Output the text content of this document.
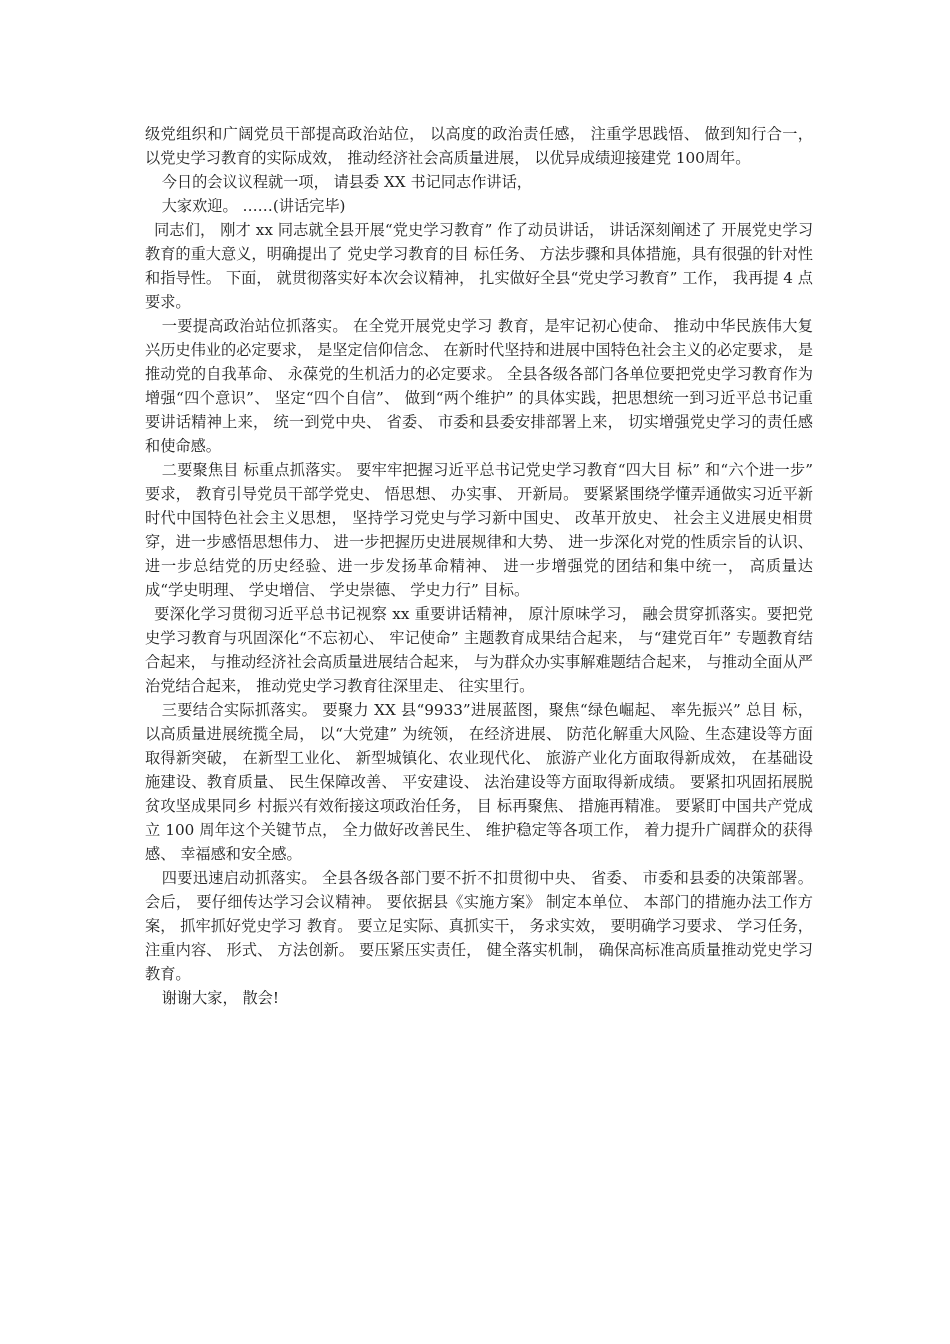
级党组织和广阔党员干部提高政治站位， 以高度的政治责任感， 注重学思践悟、 做到知行合一， 以党史学习教育的实际成效， 推动经济社会高质量进展， 以优异成绩迎接建党 100周年。

今日的会议议程就一项， 请县委 XX 书记同志作讲话，

大家欢迎。 ……(讲话完毕)

同志们， 刚才 xx 同志就全县开展“党史学习教育” 作了动员讲话， 讲话深刻阐述了 开展党史学习 教育的重大意义，明确提出了 党史学习教育的目 标任务、 方法步骤和具体措施，具有很强的针对性和指导性。 下面， 就贯彻落实好本次会议精神， 扎实做好全县“党史学习教育” 工作， 我再提 4 点要求。

一要提高政治站位抓落实。 在全党开展党史学习 教育，是牢记初心使命、 推动中华民族伟大复兴历史伟业的必定要求， 是坚定信仰信念、 在新时代坚持和进展中国特色社会主义的必定要求， 是推动党的自我革命、 永葆党的生机活力的必定要求。 全县各级各部门各单位要把党史学习教育作为增强“四个意识”、 坚定“四个自信”、 做到“两个维护” 的具体实践，把思想统一到习近平总书记重要讲话精神上来， 统一到党中央、 省委、 市委和县委安排部署上来， 切实增强党史学习的责任感和使命感。

二要聚焦目 标重点抓落实。 要牢牢把握习近平总书记党史学习教育“四大目 标” 和“六个进一步” 要求， 教育引导党员干部学党史、 悟思想、 办实事、 开新局。 要紧紧围绕学懂弄通做实习近平新时代中国特色社会主义思想， 坚持学习党史与学习新中国史、 改革开放史、 社会主义进展史相贯穿，进一步感悟思想伟力、 进一步把握历史进展规律和大势、 进一步深化对党的性质宗旨的认识、 进一步总结党的历史经验、进一步发扬革命精神、 进一步增强党的团结和集中统一， 高质量达成“学史明理、 学史增信、 学史崇德、 学史力行” 目标。

要深化学习贯彻习近平总书记视察 xx 重要讲话精神， 原汁原味学习， 融会贯穿抓落实。要把党史学习教育与巩固深化“不忘初心、 牢记使命” 主题教育成果结合起来， 与“建党百年” 专题教育结合起来， 与推动经济社会高质量进展结合起来， 与为群众办实事解难题结合起来， 与推动全面从严治党结合起来， 推动党史学习教育往深里走、 往实里行。

三要结合实际抓落实。 要聚力 XX 县“9933”进展蓝图，聚焦“绿色崛起、 率先振兴” 总目 标， 以高质量进展统揽全局， 以“大党建” 为统领， 在经济进展、 防范化解重大风险、生态建设等方面取得新突破， 在新型工业化、 新型城镇化、农业现代化、 旅游产业化方面取得新成效， 在基础设施建设、教育质量、 民生保障改善、 平安建设、 法治建设等方面取得新成绩。 要紧扣巩固拓展脱贫攻坚成果同乡 村振兴有效衔接这项政治任务， 目 标再聚焦、 措施再精准。 要紧盯中国共产党成立 100 周年这个关键节点， 全力做好改善民生、 维护稳定等各项工作， 着力提升广阔群众的获得感、 幸福感和安全感。

四要迅速启动抓落实。 全县各级各部门要不折不扣贯彻中央、 省委、 市委和县委的决策部署。 会后， 要仔细传达学习会议精神。 要依据县《实施方案》 制定本单位、 本部门的措施办法工作方案， 抓牢抓好党史学习 教育。 要立足实际、真抓实干， 务求实效， 要明确学习要求、 学习任务， 注重内容、 形式、 方法创新。 要压紧压实责任， 健全落实机制， 确保高标准高质量推动党史学习教育。

谢谢大家， 散会!
